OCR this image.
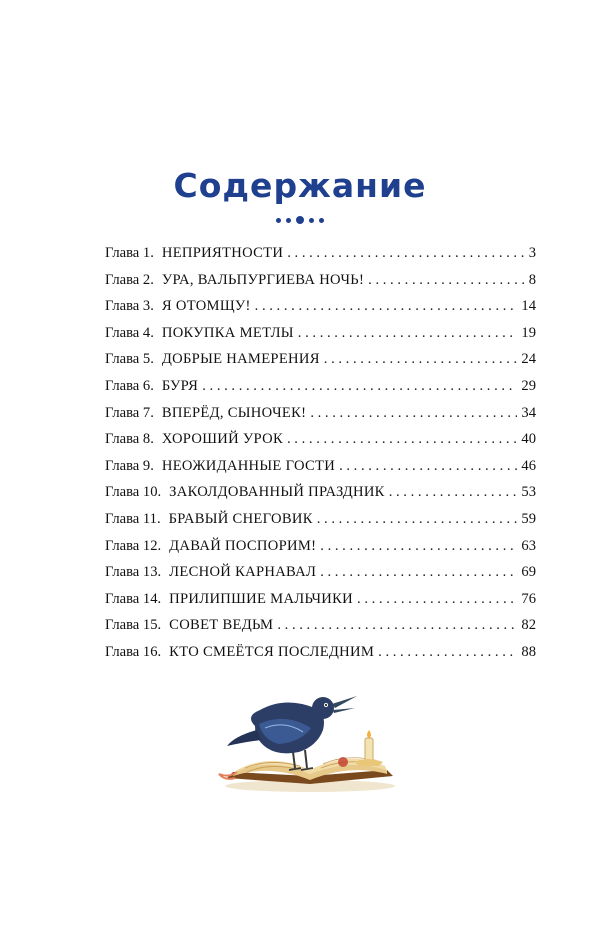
Содержание
Глава 1. НЕПРИЯТНОСТИ . . .	3
Глава 2. УРА, ВАЛЬПУРГИЕВА НОЧЬ! . . .	8
Глава 3. Я ОТОМЩУ! . . .	14
Глава 4. ПОКУПКА МЕТЛЫ . . .	19
Глава 5. ДОБРЫЕ НАМЕРЕНИЯ . . .	24
Глава 6. БУРЯ . . .	29
Глава 7. ВПЕРЁД, СЫНОЧЕК! . . .	34
Глава 8. ХОРОШИЙ УРОК . . .	40
Глава 9. НЕОЖИДАННЫЕ ГОСТИ . . .	46
Глава 10. ЗАКОЛДОВАННЫЙ ПРАЗДНИК . . .	53
Глава 11. БРАВЫЙ СНЕГОВИК . . .	59
Глава 12. ДАВАЙ ПОСПОРИМ! . . .	63
Глава 13. ЛЕСНОЙ КАРНАВАЛ . . .	69
Глава 14. ПРИЛИПШИЕ МАЛЬЧИКИ . . .	76
Глава 15. СОВЕТ ВЕДЬМ . . .	82
Глава 16. КТО СМЕЁТСЯ ПОСЛЕДНИМ . . .	88
